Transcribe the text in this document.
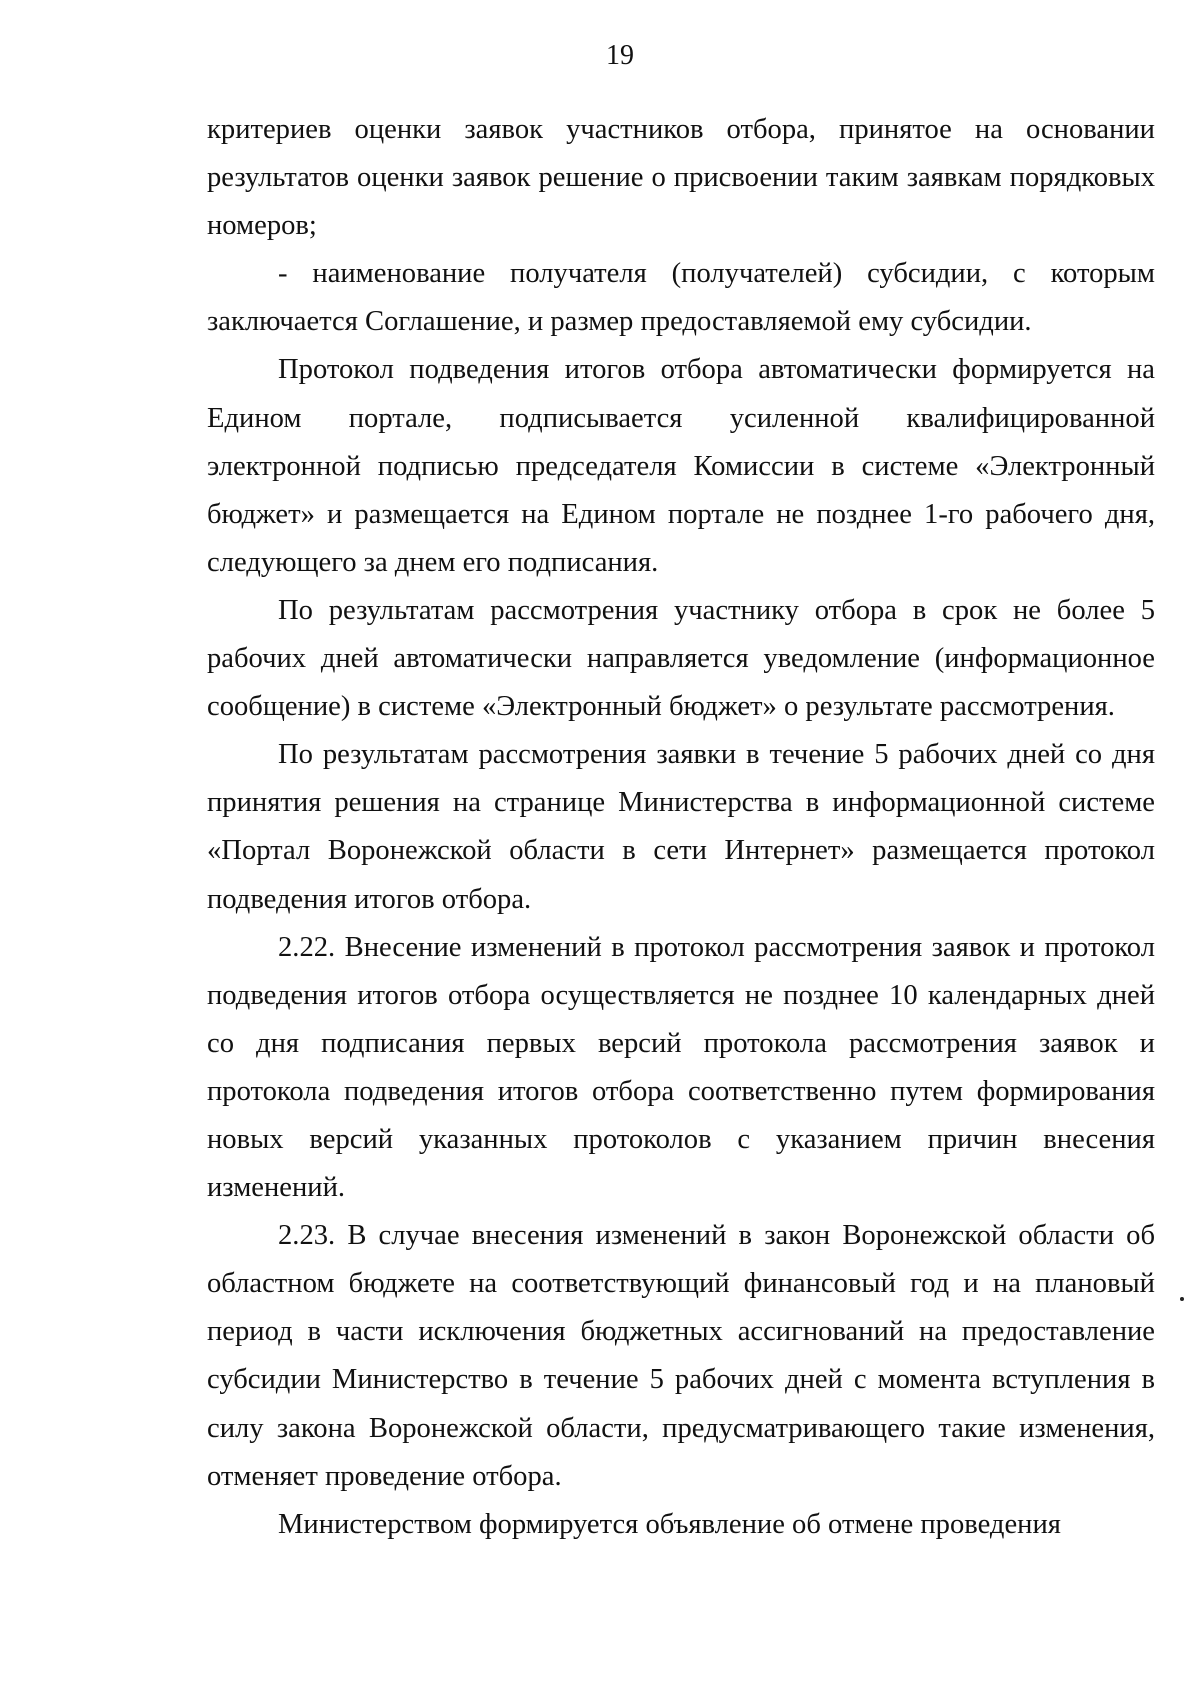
19

критериев оценки заявок участников отбора, принятое на основании результатов оценки заявок решение о присвоении таким заявкам порядковых номеров;

- наименование получателя (получателей) субсидии, с которым заключается Соглашение, и размер предоставляемой ему субсидии.

Протокол подведения итогов отбора автоматически формируется на Едином портале, подписывается усиленной квалифицированной электронной подписью председателя Комиссии в системе «Электронный бюджет» и размещается на Едином портале не позднее 1-го рабочего дня, следующего за днем его подписания.

По результатам рассмотрения участнику отбора в срок не более 5 рабочих дней автоматически направляется уведомление (информационное сообщение) в системе «Электронный бюджет» о результате рассмотрения.

По результатам рассмотрения заявки в течение 5 рабочих дней со дня принятия решения на странице Министерства в информационной системе «Портал Воронежской области в сети Интернет» размещается протокол подведения итогов отбора.

2.22. Внесение изменений в протокол рассмотрения заявок и протокол подведения итогов отбора осуществляется не позднее 10 календарных дней со дня подписания первых версий протокола рассмотрения заявок и протокола подведения итогов отбора соответственно путем формирования новых версий указанных протоколов с указанием причин внесения изменений.

2.23. В случае внесения изменений в закон Воронежской области об областном бюджете на соответствующий финансовый год и на плановый период в части исключения бюджетных ассигнований на предоставление субсидии Министерство в течение 5 рабочих дней с момента вступления в силу закона Воронежской области, предусматривающего такие изменения, отменяет проведение отбора.

Министерством формируется объявление об отмене проведения
